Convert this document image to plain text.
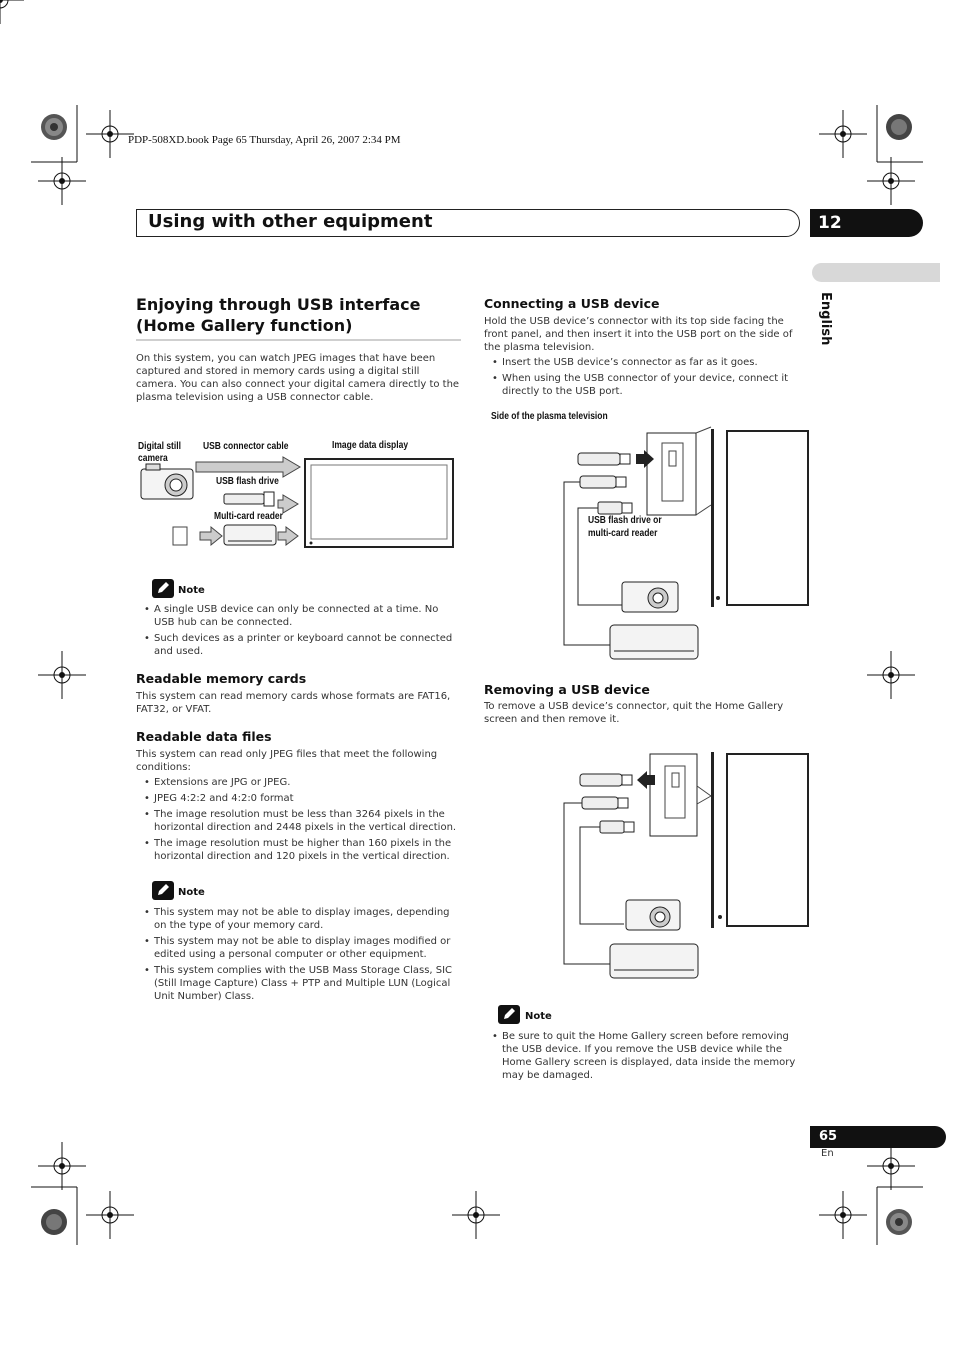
PDP-508XD.book Page 65 Thursday, April 26, 2007 2:34 PM
Using with other equipment	12
English
Enjoying through USB interface (Home Gallery function)
On this system, you can watch JPEG images that have been captured and stored in memory cards using a digital still camera. You can also connect your digital camera directly to the plasma television using a USB connector cable.
Digital still camera
USB connector cable	Image data display
USB flash drive
Multi-card reader
Note
• A single USB device can only be connected at a time. No USB hub can be connected.
• Such devices as a printer or keyboard cannot be connected and used.
Readable memory cards
This system can read memory cards whose formats are FAT16, FAT32, or VFAT.
Readable data files
This system can read only JPEG files that meet the following conditions:
• Extensions are JPG or JPEG.
• JPEG 4:2:2 and 4:2:0 format
• The image resolution must be less than 3264 pixels in the horizontal direction and 2448 pixels in the vertical direction.
• The image resolution must be higher than 160 pixels in the horizontal direction and 120 pixels in the vertical direction.
Note
• This system may not be able to display images, depending on the type of your memory card.
• This system may not be able to display images modified or edited using a personal computer or other equipment.
• This system complies with the USB Mass Storage Class, SIC (Still Image Capture) Class + PTP and Multiple LUN (Logical Unit Number) Class.
Connecting a USB device
Hold the USB device’s connector with its top side facing the front panel, and then insert it into the USB port on the side of the plasma television.
• Insert the USB device’s connector as far as it goes.
• When using the USB connector of your device, connect it directly to the USB port.
Side of the plasma television
USB flash drive or
multi-card reader
Removing a USB device
To remove a USB device’s connector, quit the Home Gallery screen and then remove it.
Note
• Be sure to quit the Home Gallery screen before removing the USB device. If you remove the USB device while the Home Gallery screen is displayed, data inside the memory may be damaged.
65
En
